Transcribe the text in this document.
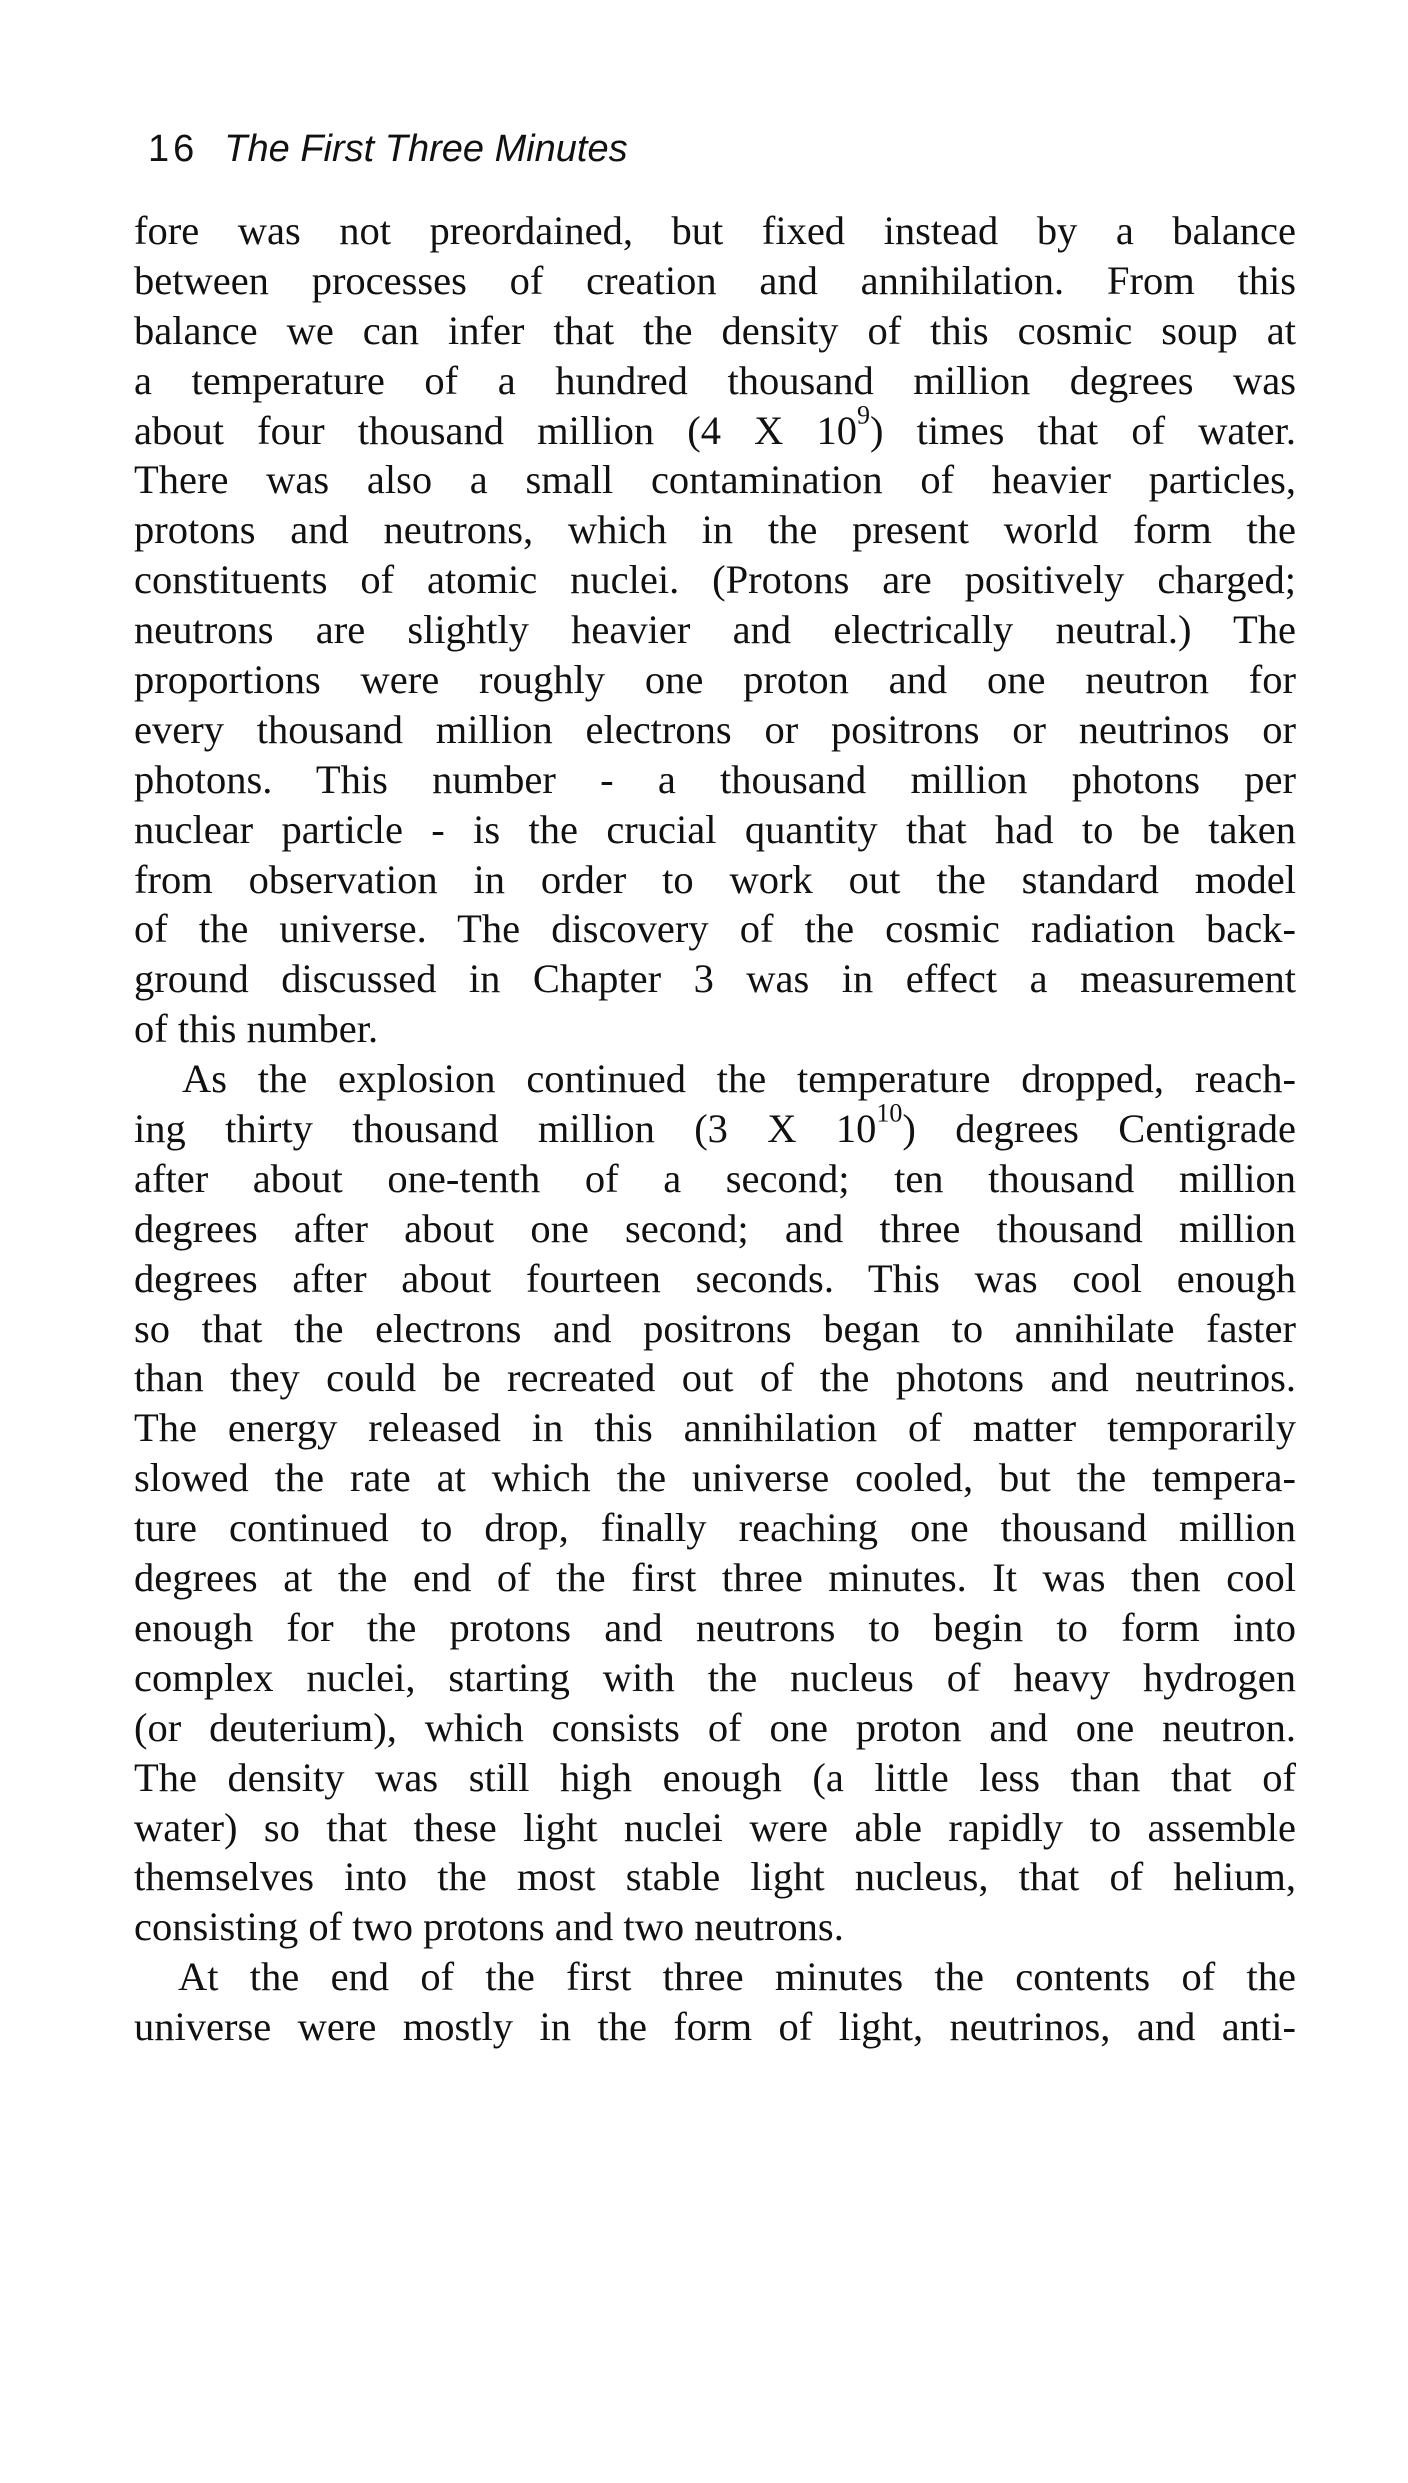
16 The First Three Minutes
fore was not preordained, but fixed instead by a balance
between processes of creation and annihilation. From this
balance we can infer that the density of this cosmic soup at
a temperature of a hundred thousand million degrees was
about four thousand million (4 X $10^9$) times that of water.
There was also a small contamination of heavier particles,
protons and neutrons, which in the present world form the
constituents of atomic nuclei. (Protons are positively charged;
neutrons are slightly heavier and electrically neutral.) The
proportions were roughly one proton and one neutron for
every thousand million electrons or positrons or neutrinos or
photons. This number - a thousand million photons per
nuclear particle - is the crucial quantity that had to be taken
from observation in order to work out the standard model
of the universe. The discovery of the cosmic radiation back-
ground discussed in Chapter 3 was in effect a measurement
of this number.
As the explosion continued the temperature dropped, reach-
ing thirty thousand million (3 X $10^{10}$) degrees Centigrade
after about one-tenth of a second; ten thousand million
degrees after about one second; and three thousand million
degrees after about fourteen seconds. This was cool enough
so that the electrons and positrons began to annihilate faster
than they could be recreated out of the photons and neutrinos.
The energy released in this annihilation of matter temporarily
slowed the rate at which the universe cooled, but the tempera-
ture continued to drop, finally reaching one thousand million
degrees at the end of the first three minutes. It was then cool
enough for the protons and neutrons to begin to form into
complex nuclei, starting with the nucleus of heavy hydrogen
(or deuterium), which consists of one proton and one neutron.
The density was still high enough (a little less than that of
water) so that these light nuclei were able rapidly to assemble
themselves into the most stable light nucleus, that of helium,
consisting of two protons and two neutrons.
At the end of the first three minutes the contents of the
universe were mostly in the form of light, neutrinos, and anti-
